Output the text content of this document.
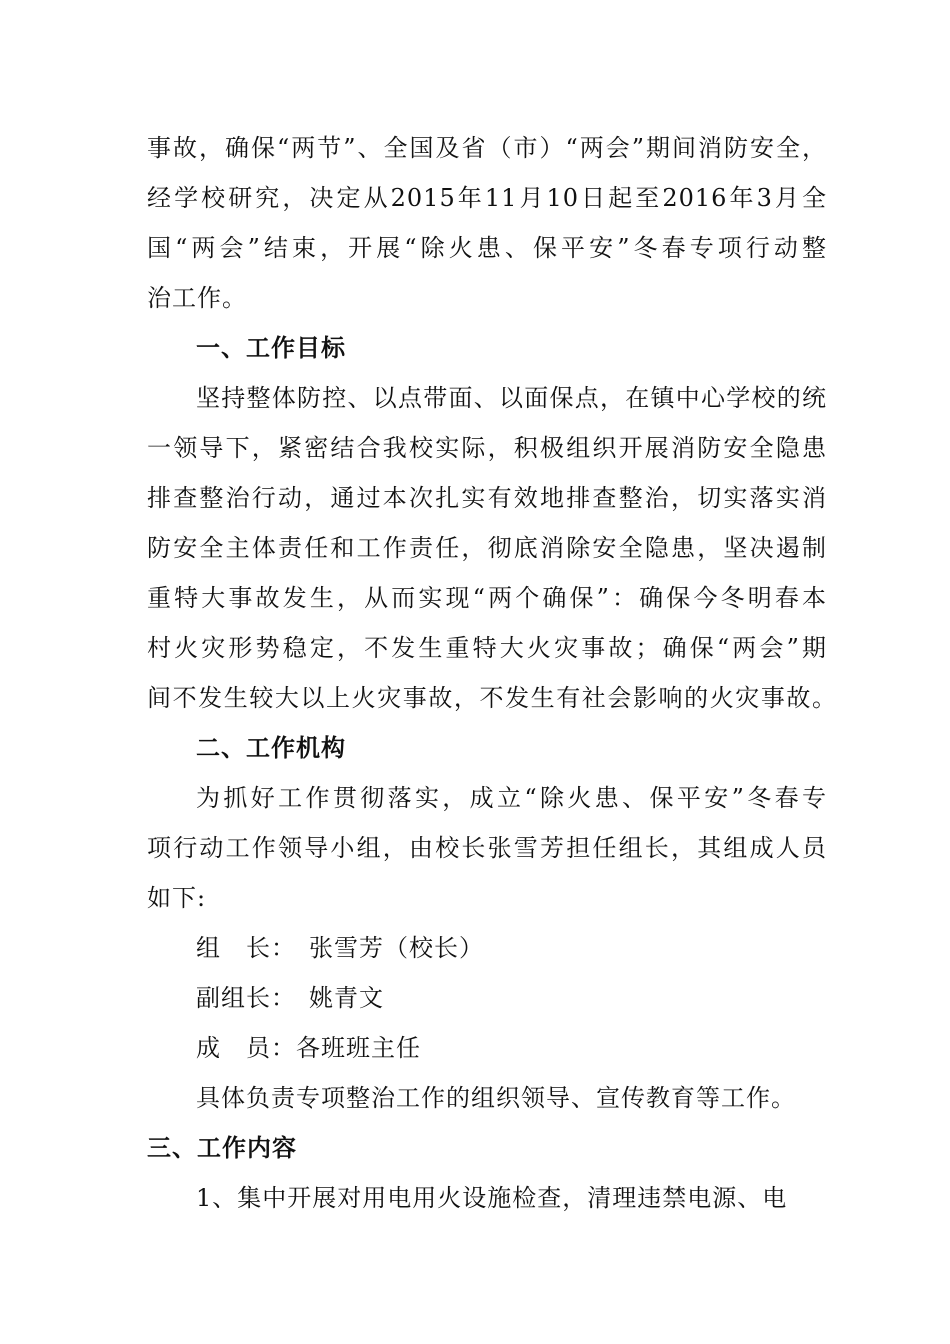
事故，确保“两节”、全国及省（市）“两会”期间消防安全，
经学校研究，决定从2015年11月10日起至2016年3月全
国“两会”结束，开展“除火患、保平安”冬春专项行动整
治工作。
一、工作目标
坚持整体防控、以点带面、以面保点，在镇中心学校的统
一领导下，紧密结合我校实际，积极组织开展消防安全隐患
排查整治行动，通过本次扎实有效地排查整治，切实落实消
防安全主体责任和工作责任，彻底消除安全隐患，坚决遏制
重特大事故发生，从而实现“两个确保”：确保今冬明春本
村火灾形势稳定，不发生重特大火灾事故；确保“两会”期
间不发生较大以上火灾事故，不发生有社会影响的火灾事故。
二、工作机构
为抓好工作贯彻落实，成立“除火患、保平安”冬春专
项行动工作领导小组，由校长张雪芳担任组长，其组成人员
如下:
组　长：　张雪芳（校长）
副组长：　姚青文
成　员：各班班主任
具体负责专项整治工作的组织领导、宣传教育等工作。
三、工作内容
1、集中开展对用电用火设施检查，清理违禁电源、电
